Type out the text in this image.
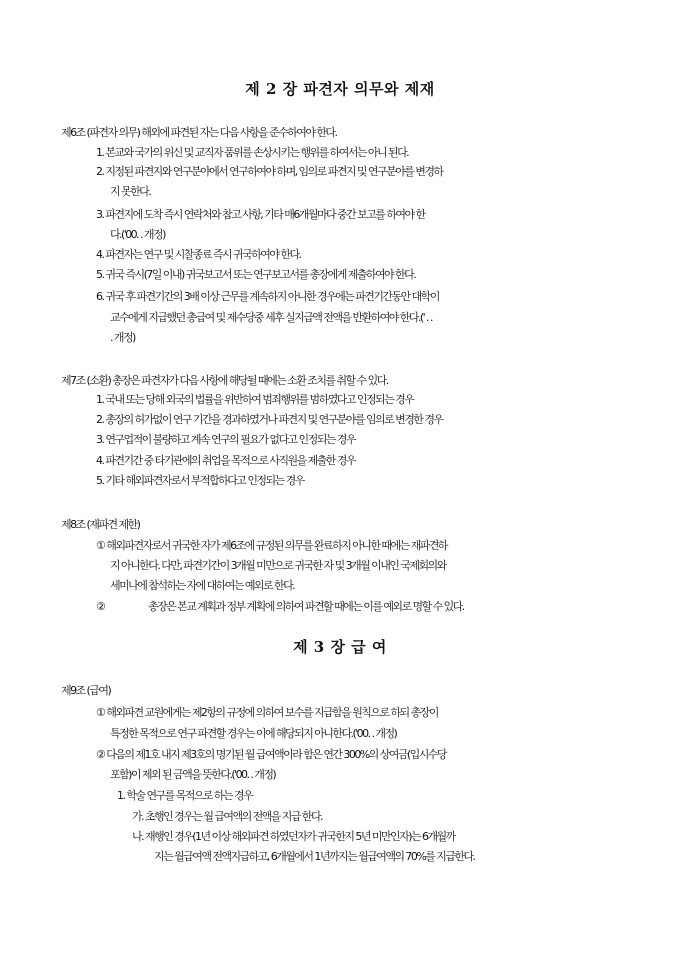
제 2 장 파견자 의무와 제재
제6조 (파견자 의무) 해외에 파견된 자는 다음 사항을 준수하여야 한다.
1. 본교와 국가의 위신 및 교직자 품위를 손상시키는 행위를 하여서는 아니 된다.
2. 지정된 파견지와 연구분야에서 연구하여야 하며, 임의로 파견지 및 연구분야를 변경하
지 못한다.
3. 파견지에 도착 즉시 연락처와 참고 사항, 기타 매6개월마다 중간 보고를 하여야 한
다.('00. . 개정)
4. 파견자는 연구 및 시찰종료 즉시 귀국하여야 한다.
5. 귀국 즉시(7일 이내) 귀국보고서 또는 연구보고서를 총장에게 제출하여야 한다.
6. 귀국 후 파견기간의 3배 이상 근무를 계속하지 아니한 경우에는 파견기간동안 대학이
교수에게 지급했던 총급여 및 제수당중 세후 실지급액 전액을 반환하여야 한다.(' . .
. 개정)
제7조 (소환) 총장은 파견자가 다음 사항에 해당될 때에는 소환 조치를 취할 수 있다.
1. 국내 또는 당해 외국의 법률을 위반하여 범죄행위를 범하였다고 인정되는 경우
2. 총장의 허가없이 연구 기간을 경과하였거나 파견지 및 연구분야를 임의로 변경한 경우
3. 연구업적이 불량하고 계속 연구의 필요가 없다고 인정되는 경우
4. 파견기간 중 타기관에의 취업을 목적으로 사직원을 제출한 경우
5. 기타 해외파견자로서 부적합하다고 인정되는 경우
제8조 (재파견 제한)
① 해외파견자로서 귀국한 자가 제6조에 규정된 의무를 완료하지 아니한 때에는 재파견하
지 아니한다. 다만, 파견기간이 3개월 미만으로 귀국한 자 및 3개월 이내인 국제회의와
세미나에 참석하는 자에 대하여는 예외로 한다.
②	총장은 본교 계획과 정부 계획에 의하여 파견할 때에는 이를 예외로 명할 수 있다.
제 3 장 급 여
제9조 (급여)
① 해외파견 교원에게는 제2항의 규정에 의하여 보수를 지급함을 원칙으로 하되 총장이
특정한 목적으로 연구 파견할 경우는 이에 해당되지 아니한다.('00. . 개정)
② 다음의 제1호 내지 제3호의 명기된 월 급여액이라 함은 연간 300%의 상여금(입시수당
포함)이 제외 된 금액을 뜻한다.('00. . 개정)
1. 학술 연구를 목적으로 하는 경우
가. 초행인 경우는 월 급여액의 전액을 지급 한다.
나. 재행인 경우(1년 이상 해외파견 하였던자가 귀국한지 5년 미만인자)는 6개월까
지는 월급여액 전액지급하고, 6개월에서 1년까지는 월급여액의 70%를 지급한다.
